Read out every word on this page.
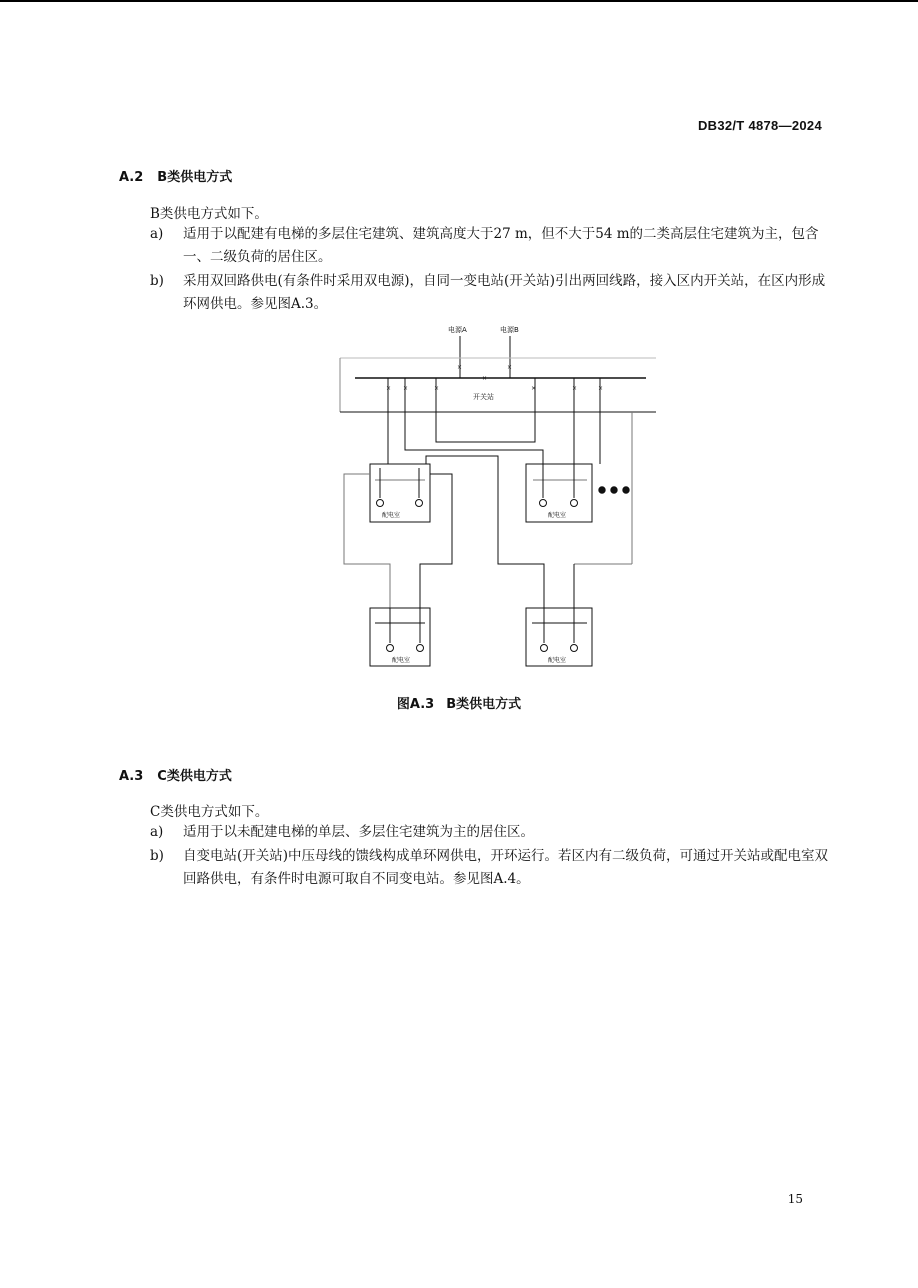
DB32/T 4878—2024
A.2 B类供电方式
B类供电方式如下。
a)	适用于以配建有电梯的多层住宅建筑、建筑高度大于27 m，但不大于54 m的二类高层住宅建筑为主，包含一、二级负荷的居住区。
b)	采用双回路供电(有条件时采用双电源)，自同一变电站(开关站)引出两回线路，接入区内开关站，在区内形成环网供电。参见图A.3。
电源A	电源B
开关站
×	×
×
× ×	×	×	×	×
配电室	配电室
配电室	配电室
图A.3 B类供电方式
A.3 C类供电方式
C类供电方式如下。
a)	适用于以未配建电梯的单层、多层住宅建筑为主的居住区。
b)	自变电站(开关站)中压母线的馈线构成单环网供电，开环运行。若区内有二级负荷，可通过开关站或配电室双回路供电，有条件时电源可取自不同变电站。参见图A.4。
15
